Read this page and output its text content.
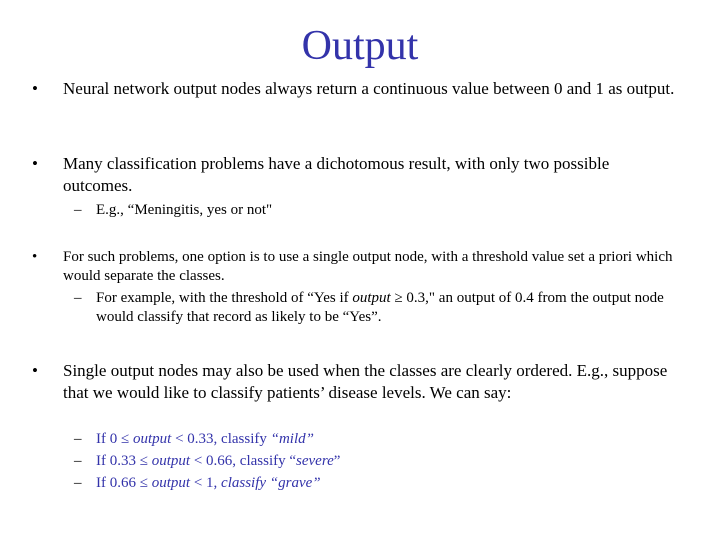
Output
• Neural network output nodes always return a continuous value between 0 and 1 as output.
• Many classification problems have a dichotomous result, with only two possible outcomes.
– E.g., “Meningitis, yes or not"
• For such problems, one option is to use a single output node, with a threshold value set a priori which would separate the classes.
– For example, with the threshold of “Yes if output ≥ 0.3," an output of 0.4 from the output node would classify that record as likely to be “Yes”.
• Single output nodes may also be used when the classes are clearly ordered. E.g., suppose that we would like to classify patients’ disease levels. We can say:
– If 0 ≤ output < 0.33, classify “mild”
– If 0.33 ≤ output < 0.66, classify “severe”
– If 0.66 ≤ output < 1, classify “grave”
